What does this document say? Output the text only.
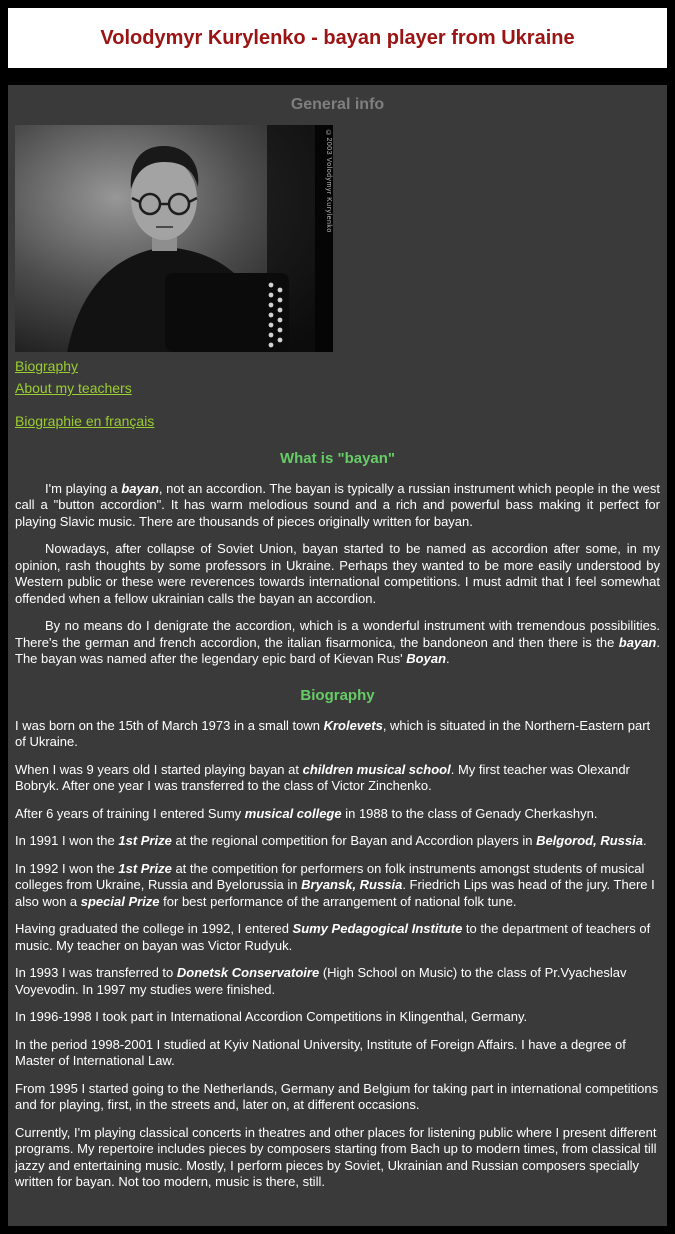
Volodymyr Kurylenko - bayan player from Ukraine
General info
©2003 Volodymyr Kurylenko
Biography
About my teachers
Biographie en français
What is "bayan"

I'm playing a bayan, not an accordion. The bayan is typically a russian instrument which people in the west call a "button accordion". It has warm melodious sound and a rich and powerful bass making it perfect for playing Slavic music. There are thousands of pieces originally written for bayan.

Nowadays, after collapse of Soviet Union, bayan started to be named as accordion after some, in my opinion, rash thoughts by some professors in Ukraine. Perhaps they wanted to be more easily understood by Western public or these were reverences towards international competitions. I must admit that I feel somewhat offended when a fellow ukrainian calls the bayan an accordion.

By no means do I denigrate the accordion, which is a wonderful instrument with tremendous possibilities. There's the german and french accordion, the italian fisarmonica, the bandoneon and then there is the bayan. The bayan was named after the legendary epic bard of Kievan Rus' Boyan.

Biography

I was born on the 15th of March 1973 in a small town Krolevets, which is situated in the Northern-Eastern part of Ukraine.

When I was 9 years old I started playing bayan at children musical school. My first teacher was Olexandr Bobryk. After one year I was transferred to the class of Victor Zinchenko.

After 6 years of training I entered Sumy musical college in 1988 to the class of Genady Cherkashyn.

In 1991 I won the 1st Prize at the regional competition for Bayan and Accordion players in Belgorod, Russia.

In 1992 I won the 1st Prize at the competition for performers on folk instruments amongst students of musical colleges from Ukraine, Russia and Byelorussia in Bryansk, Russia. Friedrich Lips was head of the jury. There I also won a special Prize for best performance of the arrangement of national folk tune.

Having graduated the college in 1992, I entered Sumy Pedagogical Institute to the department of teachers of music. My teacher on bayan was Victor Rudyuk.

In 1993 I was transferred to Donetsk Conservatoire (High School on Music) to the class of Pr.Vyacheslav Voyevodin. In 1997 my studies were finished.

In 1996-1998 I took part in International Accordion Competitions in Klingenthal, Germany.

In the period 1998-2001 I studied at Kyiv National University, Institute of Foreign Affairs. I have a degree of Master of International Law.

From 1995 I started going to the Netherlands, Germany and Belgium for taking part in international competitions and for playing, first, in the streets and, later on, at different occasions.

Currently, I'm playing classical concerts in theatres and other places for listening public where I present different programs. My repertoire includes pieces by composers starting from Bach up to modern times, from classical till jazzy and entertaining music. Mostly, I perform pieces by Soviet, Ukrainian and Russian composers specially written for bayan. Not too modern, music is there, still.
